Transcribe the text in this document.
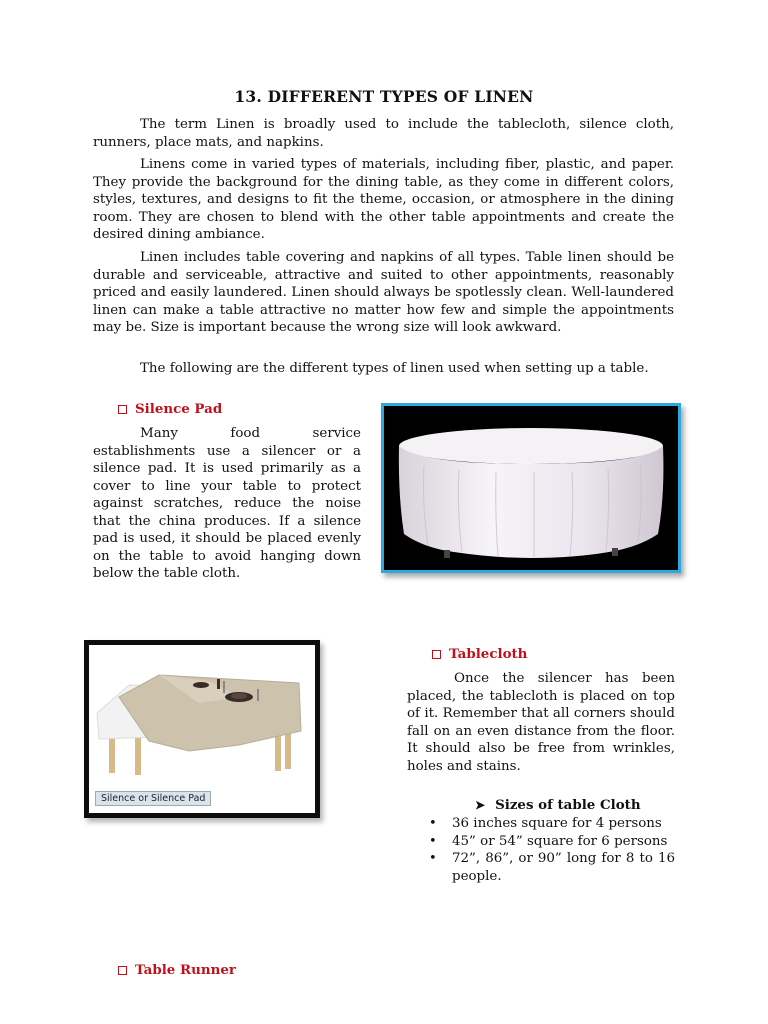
13. DIFFERENT TYPES OF LINEN

The term Linen is broadly used to include the tablecloth, silence cloth, runners, place mats, and napkins.

Linens come in varied types of materials, including fiber, plastic, and paper. They provide the background for the dining table, as they come in different colors, styles, textures, and designs to fit the theme, occasion, or atmosphere in the dining room. They are chosen to blend with the other table appointments and create the desired dining ambiance.

Linen includes table covering and napkins of all types. Table linen should be durable and serviceable, attractive and suited to other appointments, reasonably priced and easily laundered. Linen should always be spotlessly clean. Well-laundered linen can make a table attractive no matter how few and simple the appointments may be. Size is important because the wrong size will look awkward.

The following are the different types of linen used when setting up a table.

Silence Pad

Many food service establishments use a silencer or a silence pad. It is used primarily as a cover to line your table to protect against scratches, reduce the noise that the china produces. If a silence pad is used, it should be placed evenly on the table to avoid hanging down below the table cloth.

Silence or Silence Pad
Tablecloth

Once the silencer has been placed, the tablecloth is placed on top of it. Remember that all corners should fall on an even distance from the floor. It should also be free from wrinkles, holes and stains.

➤ Sizes of table Cloth
• 36 inches square for 4 persons
• 45” or 54” square for 6 persons
• 72”, 86”, or 90” long for 8 to 16 people.
Table Runner
